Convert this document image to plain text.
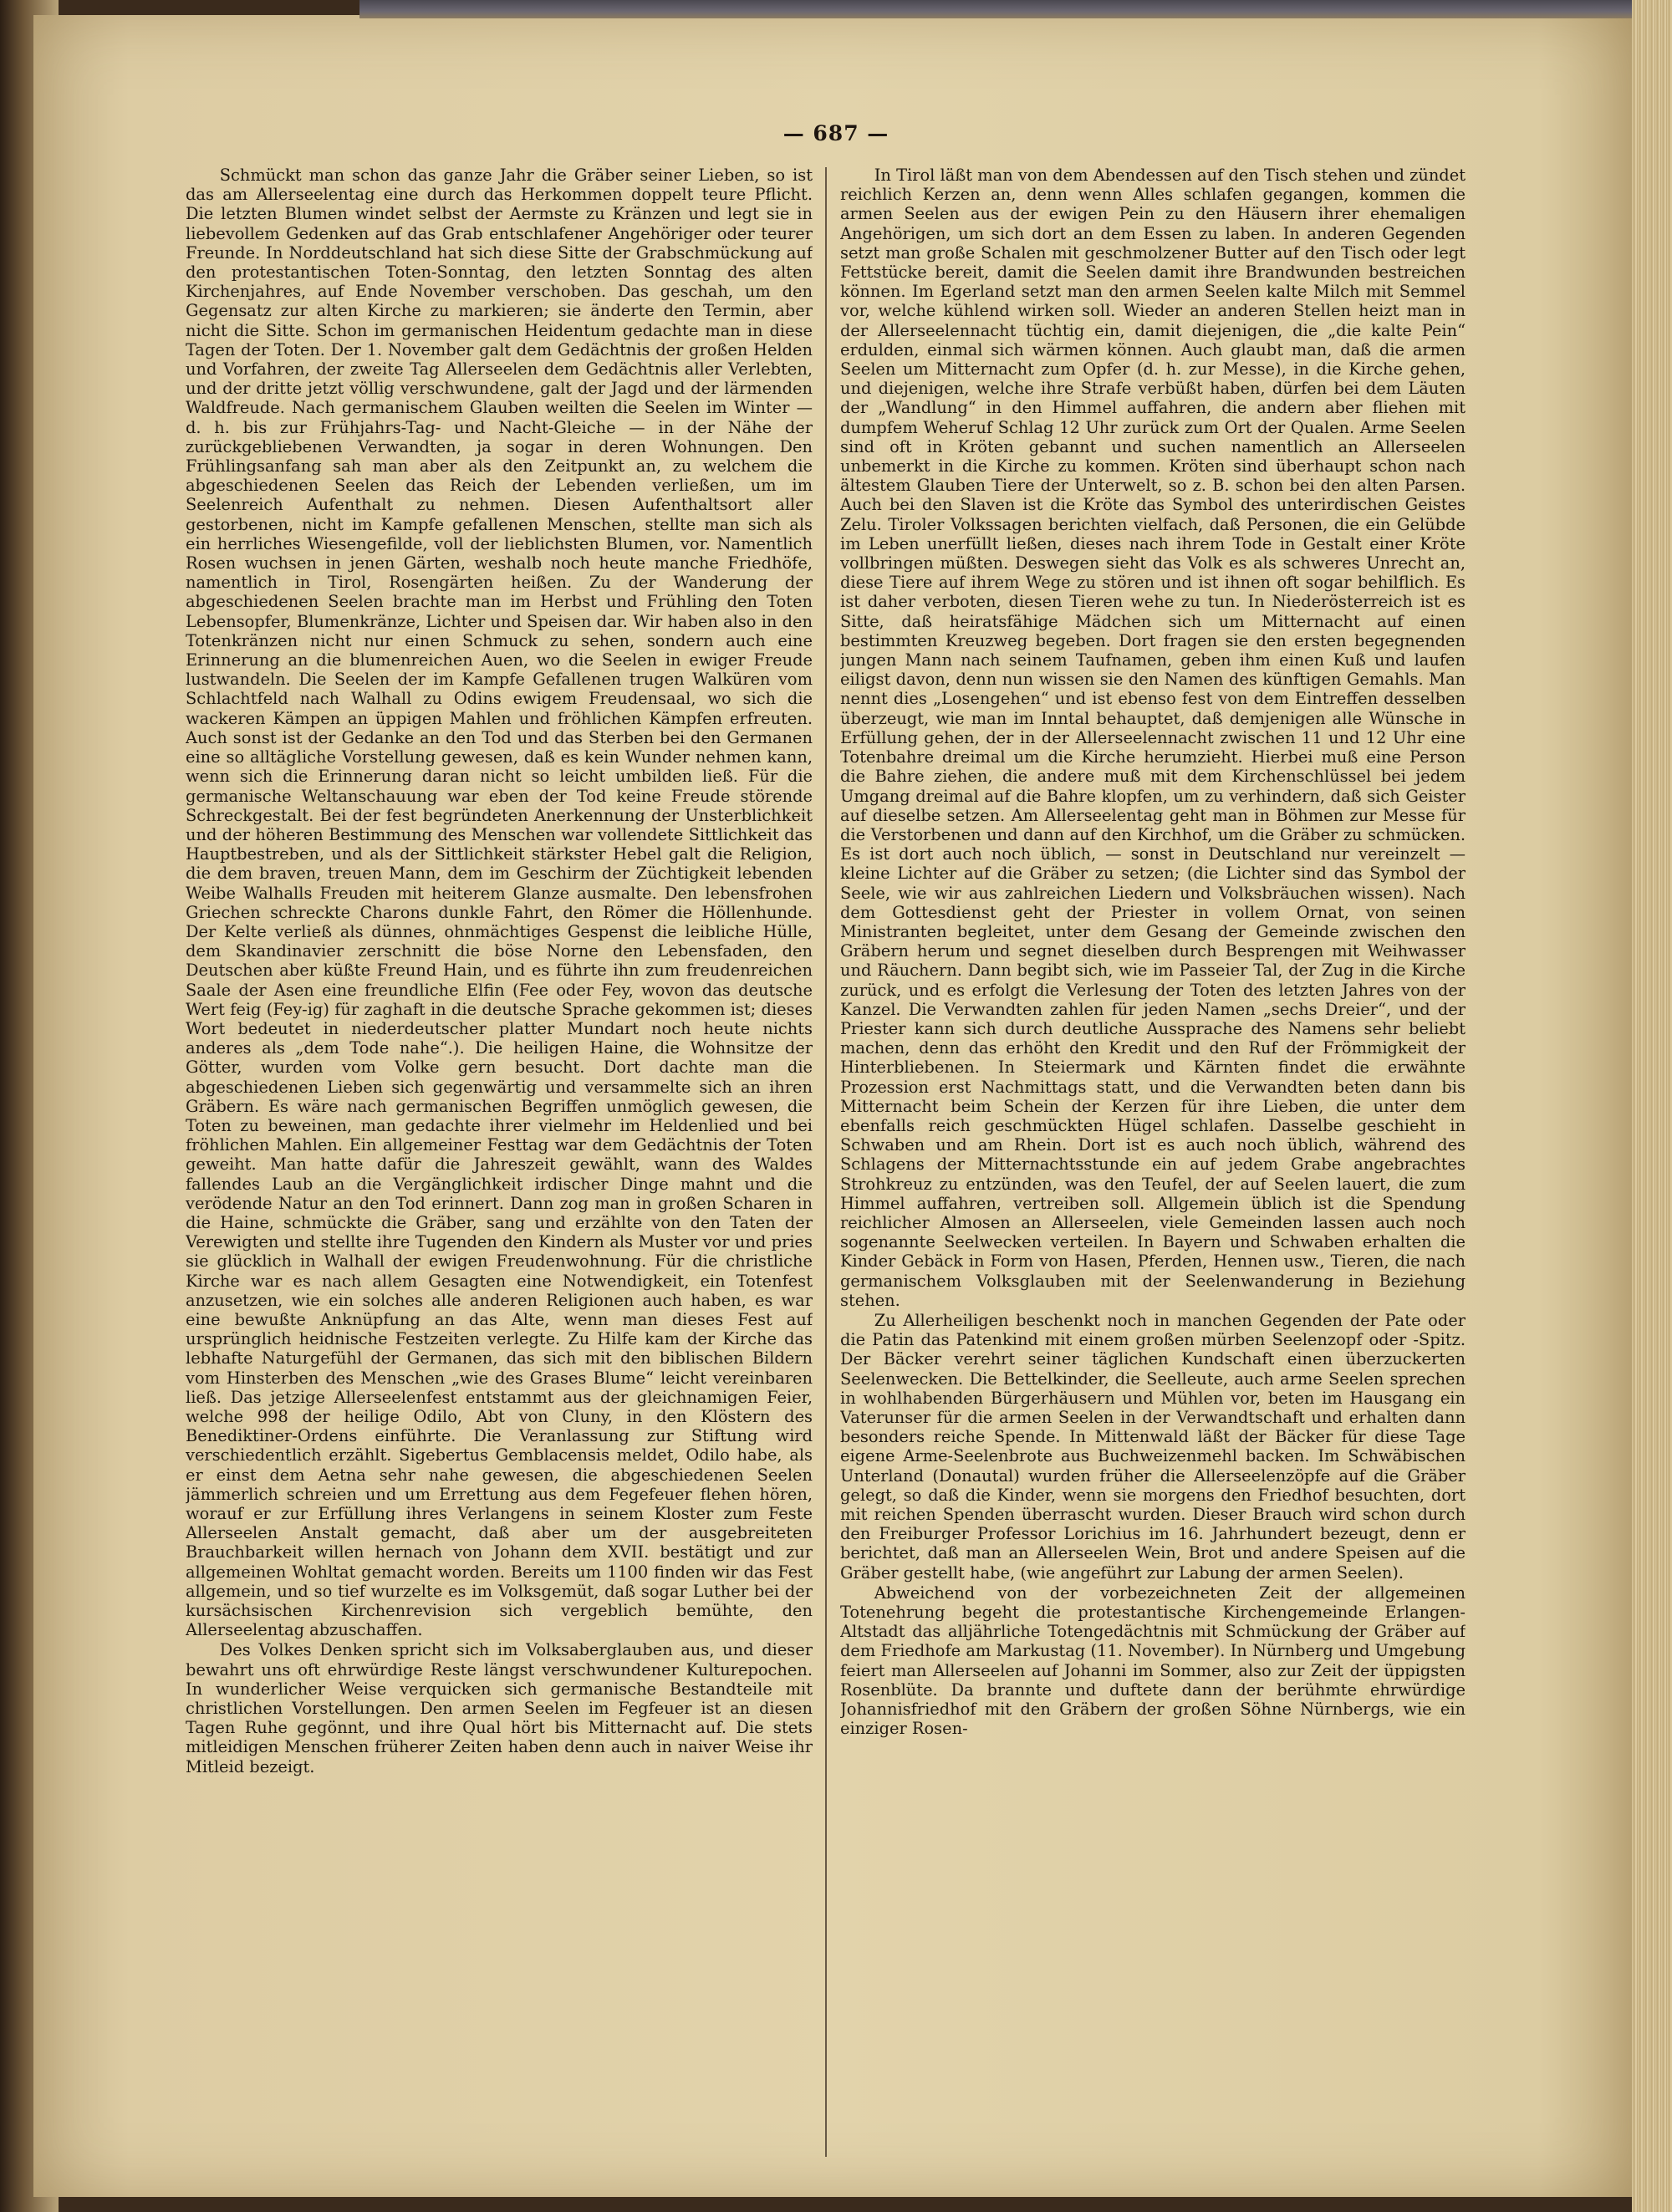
— 687 —

Schmückt man schon das ganze Jahr die Gräber seiner Lieben, so ist das am Allerseelentag eine durch das Herkommen doppelt teure Pflicht. Die letzten Blumen windet selbst der Aermste zu Kränzen und legt sie in liebevollem Gedenken auf das Grab entschlafener Angehöriger oder teurer Freunde. In Norddeutschland hat sich diese Sitte der Grabschmückung auf den protestantischen Toten-Sonntag, den letzten Sonntag des alten Kirchenjahres, auf Ende November verschoben. Das geschah, um den Gegensatz zur alten Kirche zu markieren; sie änderte den Termin, aber nicht die Sitte. Schon im germanischen Heidentum gedachte man in diese Tagen der Toten. Der 1. November galt dem Gedächtnis der großen Helden und Vorfahren, der zweite Tag Allerseelen dem Gedächtnis aller Verlebten, und der dritte jetzt völlig verschwundene, galt der Jagd und der lärmenden Waldfreude. Nach germanischem Glauben weilten die Seelen im Winter — d. h. bis zur Frühjahrs-Tag- und Nacht-Gleiche — in der Nähe der zurückgebliebenen Verwandten, ja sogar in deren Wohnungen. Den Frühlingsanfang sah man aber als den Zeitpunkt an, zu welchem die abgeschiedenen Seelen das Reich der Lebenden verließen, um im Seelenreich Aufenthalt zu nehmen. Diesen Aufenthaltsort aller gestorbenen, nicht im Kampfe gefallenen Menschen, stellte man sich als ein herrliches Wiesengefilde, voll der lieblichsten Blumen, vor. Namentlich Rosen wuchsen in jenen Gärten, weshalb noch heute manche Friedhöfe, namentlich in Tirol, Rosengärten heißen. Zu der Wanderung der abgeschiedenen Seelen brachte man im Herbst und Frühling den Toten Lebensopfer, Blumenkränze, Lichter und Speisen dar. Wir haben also in den Totenkränzen nicht nur einen Schmuck zu sehen, sondern auch eine Erinnerung an die blumenreichen Auen, wo die Seelen in ewiger Freude lustwandeln. Die Seelen der im Kampfe Gefallenen trugen Walküren vom Schlachtfeld nach Walhall zu Odins ewigem Freudensaal, wo sich die wackeren Kämpen an üppigen Mahlen und fröhlichen Kämpfen erfreuten. Auch sonst ist der Gedanke an den Tod und das Sterben bei den Germanen eine so alltägliche Vorstellung gewesen, daß es kein Wunder nehmen kann, wenn sich die Erinnerung daran nicht so leicht umbilden ließ. Für die germanische Weltanschauung war eben der Tod keine Freude störende Schreckgestalt. Bei der fest begründeten Anerkennung der Unsterblichkeit und der höheren Bestimmung des Menschen war vollendete Sittlichkeit das Hauptbestreben, und als der Sittlichkeit stärkster Hebel galt die Religion, die dem braven, treuen Mann, dem im Geschirm der Züchtigkeit lebenden Weibe Walhalls Freuden mit heiterem Glanze ausmalte. Den lebensfrohen Griechen schreckte Charons dunkle Fahrt, den Römer die Höllenhunde. Der Kelte verließ als dünnes, ohnmächtiges Gespenst die leibliche Hülle, dem Skandinavier zerschnitt die böse Norne den Lebensfaden, den Deutschen aber küßte Freund Hain, und es führte ihn zum freudenreichen Saale der Asen eine freundliche Elfin (Fee oder Fey, wovon das deutsche Wert feig (Fey-ig) für zaghaft in die deutsche Sprache gekommen ist; dieses Wort bedeutet in niederdeutscher platter Mundart noch heute nichts anderes als „dem Tode nahe“.). Die heiligen Haine, die Wohnsitze der Götter, wurden vom Volke gern besucht. Dort dachte man die abgeschiedenen Lieben sich gegenwärtig und versammelte sich an ihren Gräbern. Es wäre nach germanischen Begriffen unmöglich gewesen, die Toten zu beweinen, man gedachte ihrer vielmehr im Heldenlied und bei fröhlichen Mahlen. Ein allgemeiner Festtag war dem Gedächtnis der Toten geweiht. Man hatte dafür die Jahreszeit gewählt, wann des Waldes fallendes Laub an die Vergänglichkeit irdischer Dinge mahnt und die verödende Natur an den Tod erinnert. Dann zog man in großen Scharen in die Haine, schmückte die Gräber, sang und erzählte von den Taten der Verewigten und stellte ihre Tugenden den Kindern als Muster vor und pries sie glücklich in Walhall der ewigen Freudenwohnung. Für die christliche Kirche war es nach allem Gesagten eine Notwendigkeit, ein Totenfest anzusetzen, wie ein solches alle anderen Religionen auch haben, es war eine bewußte Anknüpfung an das Alte, wenn man dieses Fest auf ursprünglich heidnische Festzeiten verlegte. Zu Hilfe kam der Kirche das lebhafte Naturgefühl der Germanen, das sich mit den biblischen Bildern vom Hinsterben des Menschen „wie des Grases Blume“ leicht vereinbaren ließ. Das jetzige Allerseelenfest entstammt aus der gleichnamigen Feier, welche 998 der heilige Odilo, Abt von Cluny, in den Klöstern des Benediktiner-Ordens einführte. Die Veranlassung zur Stiftung wird verschiedentlich erzählt. Sigebertus Gemblacensis meldet, Odilo habe, als er einst dem Aetna sehr nahe gewesen, die abgeschiedenen Seelen jämmerlich schreien und um Errettung aus dem Fegefeuer flehen hören, worauf er zur Erfüllung ihres Verlangens in seinem Kloster zum Feste Allerseelen Anstalt gemacht, daß aber um der ausgebreiteten Brauchbarkeit willen hernach von Johann dem XVII. bestätigt und zur allgemeinen Wohltat gemacht worden. Bereits um 1100 finden wir das Fest allgemein, und so tief wurzelte es im Volksgemüt, daß sogar Luther bei der kursächsischen Kirchenrevision sich vergeblich bemühte, den Allerseelentag abzuschaffen.

Des Volkes Denken spricht sich im Volksaberglauben aus, und dieser bewahrt uns oft ehrwürdige Reste längst verschwundener Kulturepochen. In wunderlicher Weise verquicken sich germanische Bestandteile mit christlichen Vorstellungen. Den armen Seelen im Fegfeuer ist an diesen Tagen Ruhe gegönnt, und ihre Qual hört bis Mitternacht auf. Die stets mitleidigen Menschen früherer Zeiten haben denn auch in naiver Weise ihr Mitleid bezeigt.

In Tirol läßt man von dem Abendessen auf den Tisch stehen und zündet reichlich Kerzen an, denn wenn Alles schlafen gegangen, kommen die armen Seelen aus der ewigen Pein zu den Häusern ihrer ehemaligen Angehörigen, um sich dort an dem Essen zu laben. In anderen Gegenden setzt man große Schalen mit geschmolzener Butter auf den Tisch oder legt Fettstücke bereit, damit die Seelen damit ihre Brandwunden bestreichen können. Im Egerland setzt man den armen Seelen kalte Milch mit Semmel vor, welche kühlend wirken soll. Wieder an anderen Stellen heizt man in der Allerseelennacht tüchtig ein, damit diejenigen, die „die kalte Pein“ erdulden, einmal sich wärmen können. Auch glaubt man, daß die armen Seelen um Mitternacht zum Opfer (d. h. zur Messe), in die Kirche gehen, und diejenigen, welche ihre Strafe verbüßt haben, dürfen bei dem Läuten der „Wandlung“ in den Himmel auffahren, die andern aber fliehen mit dumpfem Weheruf Schlag 12 Uhr zurück zum Ort der Qualen. Arme Seelen sind oft in Kröten gebannt und suchen namentlich an Allerseelen unbemerkt in die Kirche zu kommen. Kröten sind überhaupt schon nach ältestem Glauben Tiere der Unterwelt, so z. B. schon bei den alten Parsen. Auch bei den Slaven ist die Kröte das Symbol des unterirdischen Geistes Zelu. Tiroler Volkssagen berichten vielfach, daß Personen, die ein Gelübde im Leben unerfüllt ließen, dieses nach ihrem Tode in Gestalt einer Kröte vollbringen müßten. Deswegen sieht das Volk es als schweres Unrecht an, diese Tiere auf ihrem Wege zu stören und ist ihnen oft sogar behilflich. Es ist daher verboten, diesen Tieren wehe zu tun. In Niederösterreich ist es Sitte, daß heiratsfähige Mädchen sich um Mitternacht auf einen bestimmten Kreuzweg begeben. Dort fragen sie den ersten begegnenden jungen Mann nach seinem Taufnamen, geben ihm einen Kuß und laufen eiligst davon, denn nun wissen sie den Namen des künftigen Gemahls. Man nennt dies „Losengehen“ und ist ebenso fest von dem Eintreffen desselben überzeugt, wie man im Inntal behauptet, daß demjenigen alle Wünsche in Erfüllung gehen, der in der Allerseelennacht zwischen 11 und 12 Uhr eine Totenbahre dreimal um die Kirche herumzieht. Hierbei muß eine Person die Bahre ziehen, die andere muß mit dem Kirchenschlüssel bei jedem Umgang dreimal auf die Bahre klopfen, um zu verhindern, daß sich Geister auf dieselbe setzen. Am Allerseelentag geht man in Böhmen zur Messe für die Verstorbenen und dann auf den Kirchhof, um die Gräber zu schmücken. Es ist dort auch noch üblich, — sonst in Deutschland nur vereinzelt — kleine Lichter auf die Gräber zu setzen; (die Lichter sind das Symbol der Seele, wie wir aus zahlreichen Liedern und Volksbräuchen wissen). Nach dem Gottesdienst geht der Priester in vollem Ornat, von seinen Ministranten begleitet, unter dem Gesang der Gemeinde zwischen den Gräbern herum und segnet dieselben durch Besprengen mit Weihwasser und Räuchern. Dann begibt sich, wie im Passeier Tal, der Zug in die Kirche zurück, und es erfolgt die Verlesung der Toten des letzten Jahres von der Kanzel. Die Verwandten zahlen für jeden Namen „sechs Dreier“, und der Priester kann sich durch deutliche Aussprache des Namens sehr beliebt machen, denn das erhöht den Kredit und den Ruf der Frömmigkeit der Hinterbliebenen. In Steiermark und Kärnten findet die erwähnte Prozession erst Nachmittags statt, und die Verwandten beten dann bis Mitternacht beim Schein der Kerzen für ihre Lieben, die unter dem ebenfalls reich geschmückten Hügel schlafen. Dasselbe geschieht in Schwaben und am Rhein. Dort ist es auch noch üblich, während des Schlagens der Mitternachtsstunde ein auf jedem Grabe angebrachtes Strohkreuz zu entzünden, was den Teufel, der auf Seelen lauert, die zum Himmel auffahren, vertreiben soll. Allgemein üblich ist die Spendung reichlicher Almosen an Allerseelen, viele Gemeinden lassen auch noch sogenannte Seelwecken verteilen. In Bayern und Schwaben erhalten die Kinder Gebäck in Form von Hasen, Pferden, Hennen usw., Tieren, die nach germanischem Volksglauben mit der Seelenwanderung in Beziehung stehen.

Zu Allerheiligen beschenkt noch in manchen Gegenden der Pate oder die Patin das Patenkind mit einem großen mürben Seelenzopf oder -Spitz. Der Bäcker verehrt seiner täglichen Kundschaft einen überzuckerten Seelenwecken. Die Bettelkinder, die Seelleute, auch arme Seelen sprechen in wohlhabenden Bürgerhäusern und Mühlen vor, beten im Hausgang ein Vaterunser für die armen Seelen in der Verwandtschaft und erhalten dann besonders reiche Spende. In Mittenwald läßt der Bäcker für diese Tage eigene Arme-Seelenbrote aus Buchweizenmehl backen. Im Schwäbischen Unterland (Donautal) wurden früher die Allerseelenzöpfe auf die Gräber gelegt, so daß die Kinder, wenn sie morgens den Friedhof besuchten, dort mit reichen Spenden überrascht wurden. Dieser Brauch wird schon durch den Freiburger Professor Lorichius im 16. Jahrhundert bezeugt, denn er berichtet, daß man an Allerseelen Wein, Brot und andere Speisen auf die Gräber gestellt habe, (wie angeführt zur Labung der armen Seelen).

Abweichend von der vorbezeichneten Zeit der allgemeinen Totenehrung begeht die protestantische Kirchengemeinde Erlangen-Altstadt das alljährliche Totengedächtnis mit Schmückung der Gräber auf dem Friedhofe am Markustag (11. November). In Nürnberg und Umgebung feiert man Allerseelen auf Johanni im Sommer, also zur Zeit der üppigsten Rosenblüte. Da brannte und duftete dann der berühmte ehrwürdige Johannisfriedhof mit den Gräbern der großen Söhne Nürnbergs, wie ein einziger Rosen-
